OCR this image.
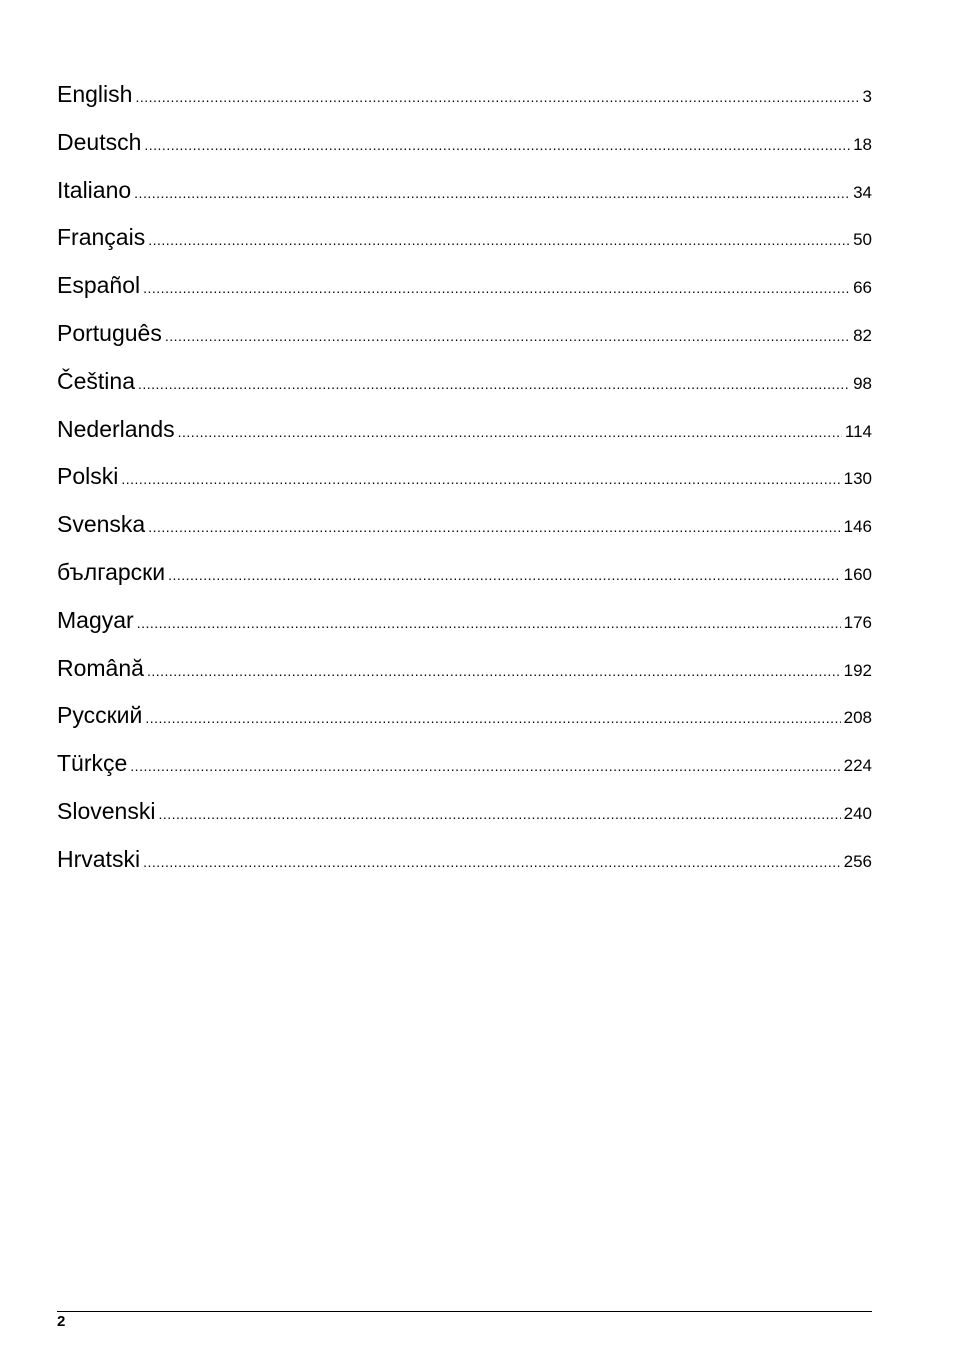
English .....	3
Deutsch .....	18
Italiano .....	34
Français .....	50
Español .....	66
Português .....	82
Čeština .....	98
Nederlands .....	114
Polski .....	130
Svenska .....	146
български .....	160
Magyar .....	176
Română .....	192
Русский .....	208
Türkçe .....	224
Slovenski .....	240
Hrvatski .....	256
2
